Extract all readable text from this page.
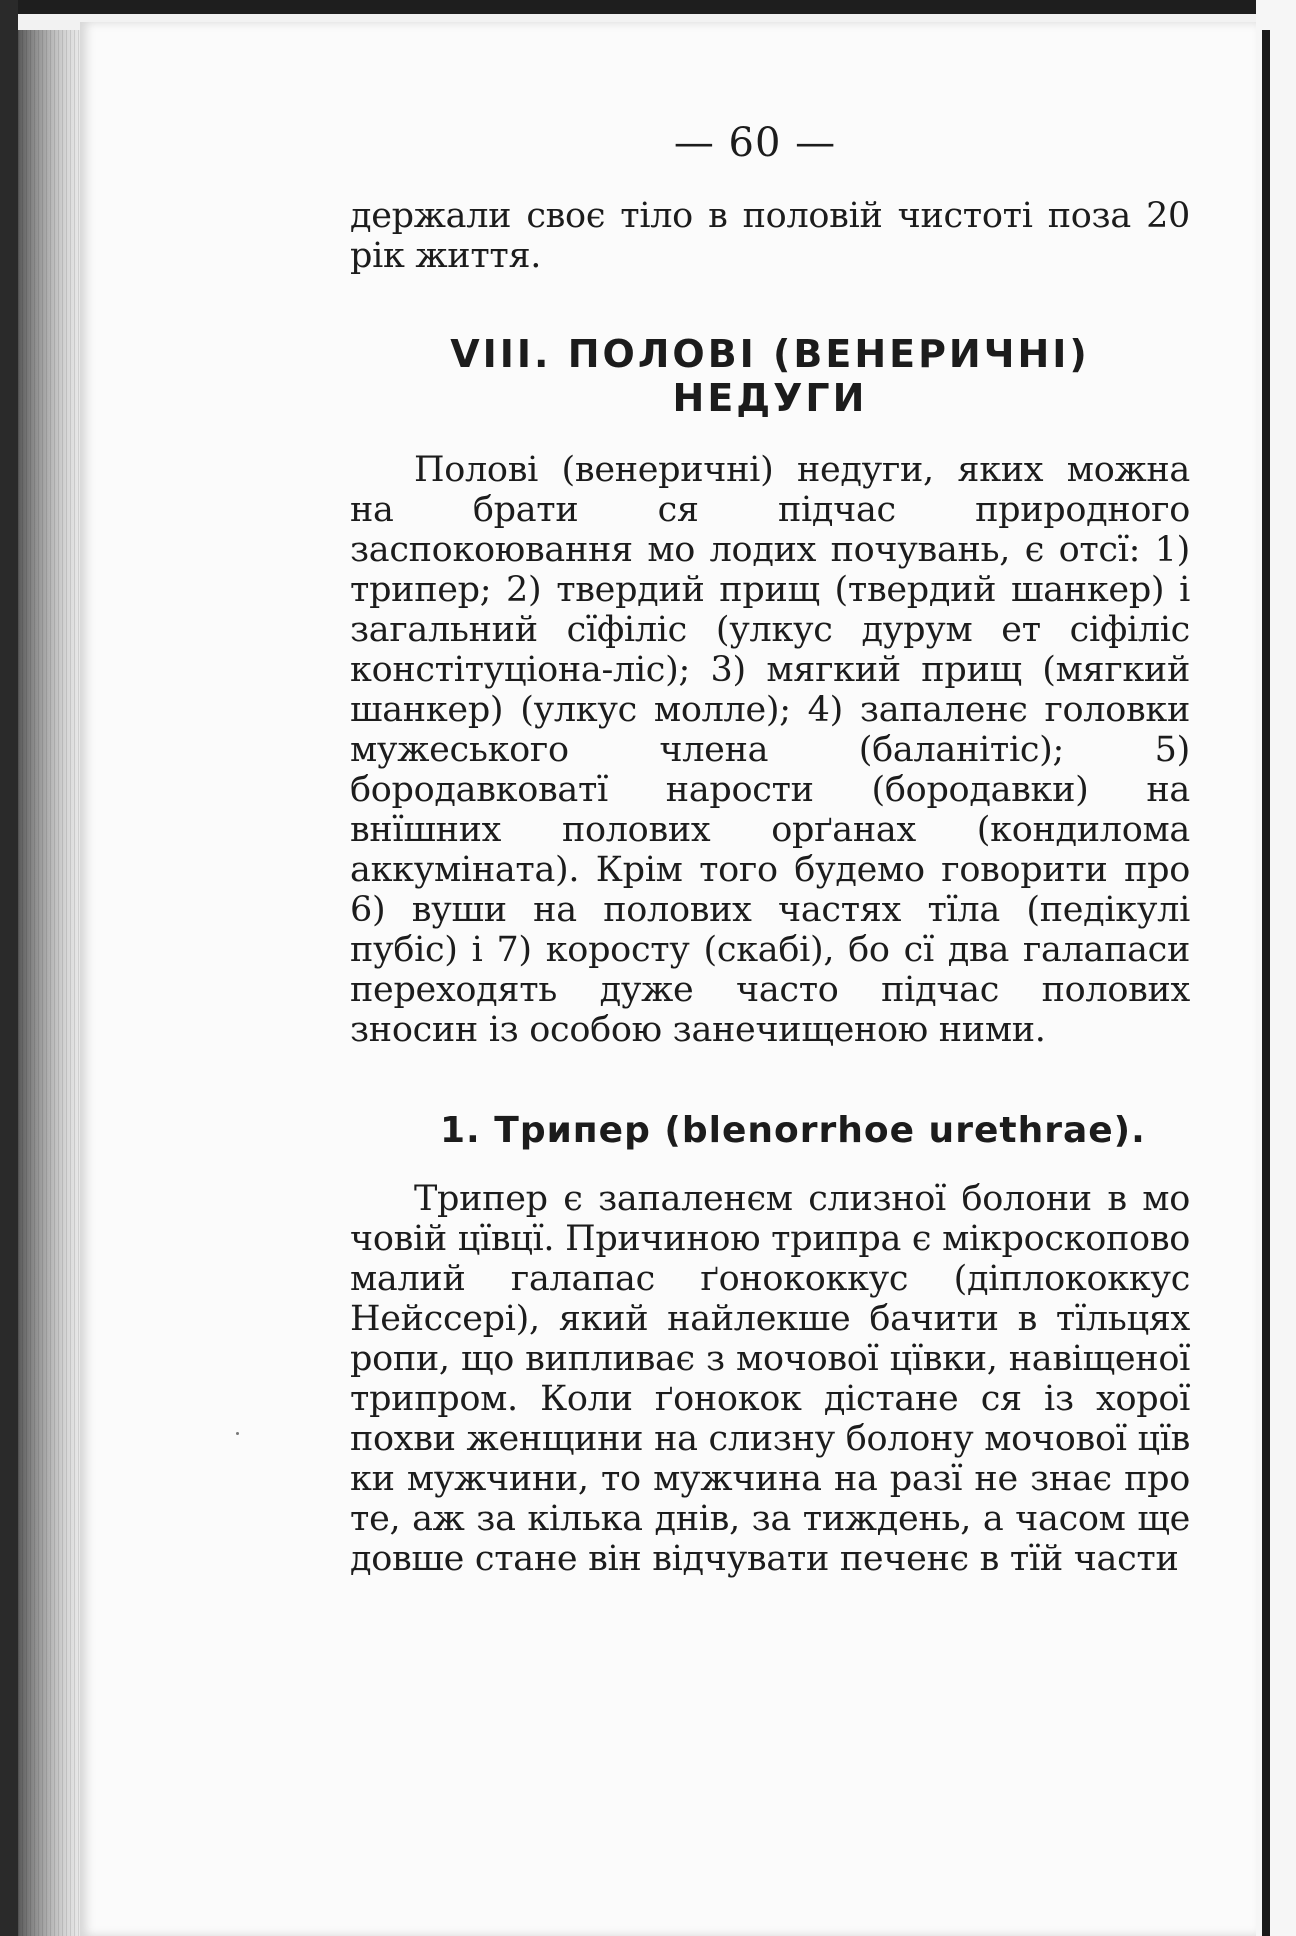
— 60 —

держали своє тіло в половій чистоті поза 20 рік життя.

VIII. ПОЛОВІ (ВЕНЕРИЧНІ) НЕДУГИ

Полові (венеричні) недуги, яких можна на брати ся підчас природного заспокоювання мо лодих почувань, є отсї: 1) трипер; 2) твердий прищ (твердий шанкер) і загальний сїфіліс (улкус дурум ет сіфіліс констітуціона-ліс); 3) мягкий прищ (мягкий шанкер) (улкус молле); 4) запаленє головки мужеського члена (баланітіс); 5) бородавковатї нарости (бородавки) на внїшних полових орґанах (кондилома аккуміната). Крім того будемо говорити про 6) вуши на полових частях тїла (педікулі пубіс) і 7) коросту (скабі), бо сї два галапаси переходять дуже часто підчас полових зносин із особою занечищеною ними.

1. Трипер (blenorrhoe urethrae).

Трипер є запаленєм слизної болони в мо човій цївцї. Причиною трипра є мікроскопово малий галапас ґонококкус (діплококкус Нейссері), який найлекше бачити в тїльцях ропи, що випливає з мочової цївки, навіщеної трипром. Коли ґонокок дістане ся із хорої похви женщини на слизну болону мочової цїв ки мужчини, то мужчина на разї не знає про те, аж за кілька днів, за тиждень, а часом ще довше стане він відчувати печенє в тїй части
